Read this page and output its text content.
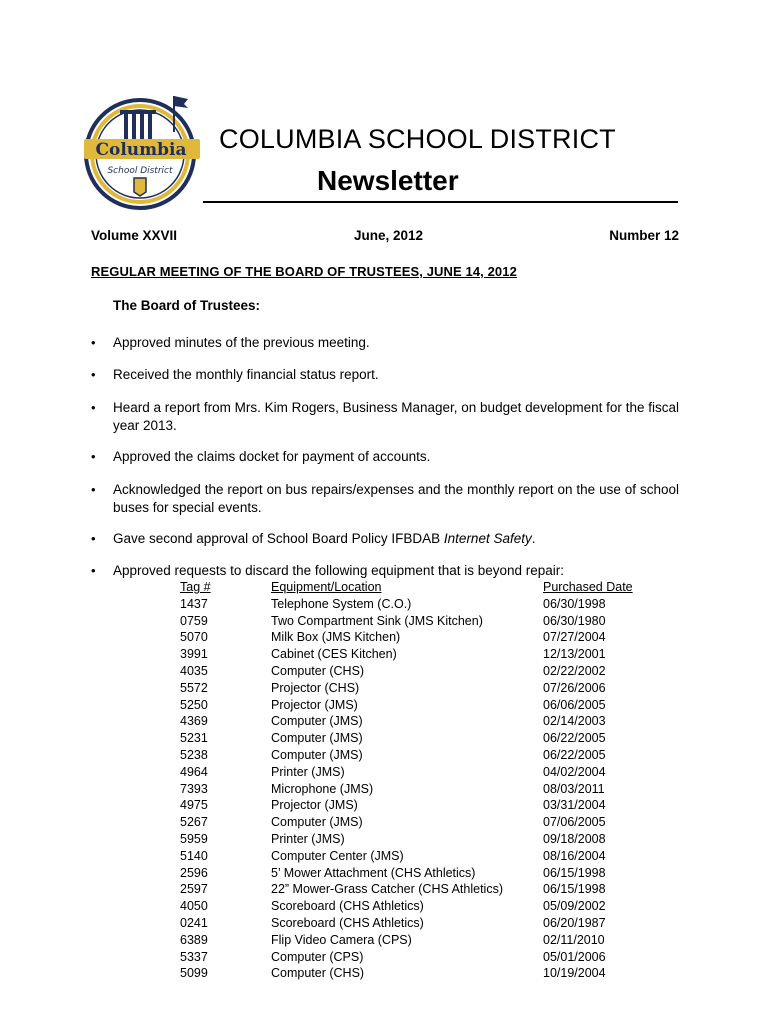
Columbia
School District
COLUMBIA SCHOOL DISTRICT
Newsletter
Volume XXVII	June, 2012	Number 12
REGULAR MEETING OF THE BOARD OF TRUSTEES, JUNE 14, 2012
The Board of Trustees:
• Approved minutes of the previous meeting.
• Received the monthly financial status report.
• Heard a report from Mrs. Kim Rogers, Business Manager, on budget development for the fiscal year 2013.
• Approved the claims docket for payment of accounts.
• Acknowledged the report on bus repairs/expenses and the monthly report on the use of school buses for special events.
• Gave second approval of School Board Policy IFBDAB Internet Safety.
• Approved requests to discard the following equipment that is beyond repair:
Tag #	Equipment/Location	Purchased Date
1437	Telephone System (C.O.)	06/30/1998
0759	Two Compartment Sink (JMS Kitchen)	06/30/1980
5070	Milk Box (JMS Kitchen)	07/27/2004
3991	Cabinet (CES Kitchen)	12/13/2001
4035	Computer (CHS)	02/22/2002
5572	Projector (CHS)	07/26/2006
5250	Projector (JMS)	06/06/2005
4369	Computer (JMS)	02/14/2003
5231	Computer (JMS)	06/22/2005
5238	Computer (JMS)	06/22/2005
4964	Printer (JMS)	04/02/2004
7393	Microphone (JMS)	08/03/2011
4975	Projector (JMS)	03/31/2004
5267	Computer (JMS)	07/06/2005
5959	Printer (JMS)	09/18/2008
5140	Computer Center (JMS)	08/16/2004
2596	5’ Mower Attachment (CHS Athletics)	06/15/1998
2597	22” Mower-Grass Catcher (CHS Athletics)	06/15/1998
4050	Scoreboard (CHS Athletics)	05/09/2002
0241	Scoreboard (CHS Athletics)	06/20/1987
6389	Flip Video Camera (CPS)	02/11/2010
5337	Computer (CPS)	05/01/2006
5099	Computer (CHS)	10/19/2004
